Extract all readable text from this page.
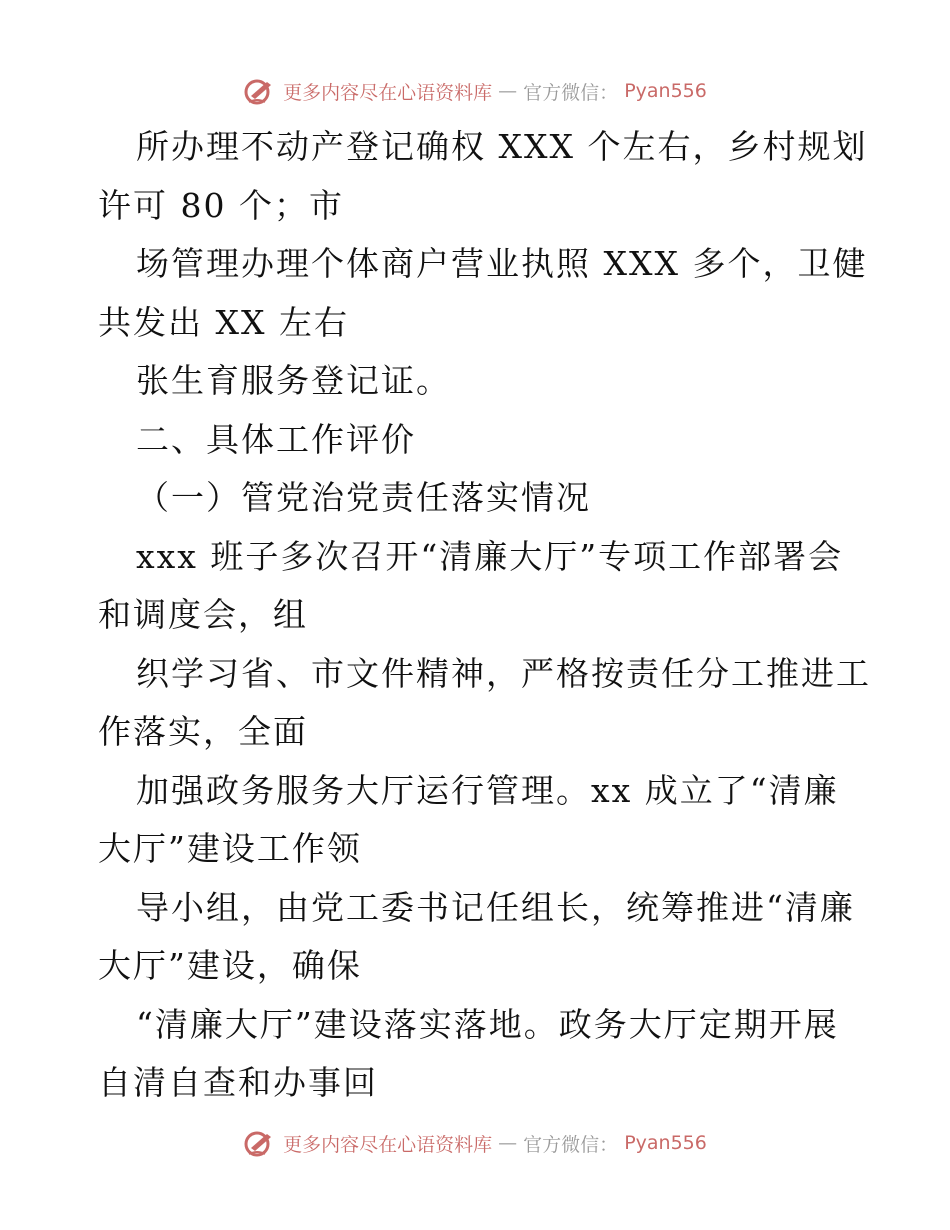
更多内容尽在心语资料库 — 官方微信： Pyan556
所办理不动产登记确权 XXX 个左右，乡村规划
许可 80 个；市
场管理办理个体商户营业执照 XXX 多个，卫健
共发出 XX 左右
张生育服务登记证。
二、具体工作评价
（一）管党治党责任落实情况
xxx 班子多次召开“清廉大厅”专项工作部署会
和调度会，组
织学习省、市文件精神，严格按责任分工推进工
作落实，全面
加强政务服务大厅运行管理。xx 成立了“清廉
大厅”建设工作领
导小组，由党工委书记任组长，统筹推进“清廉
大厅”建设，确保
“清廉大厅”建设落实落地。政务大厅定期开展
自清自查和办事回
更多内容尽在心语资料库 — 官方微信： Pyan556
